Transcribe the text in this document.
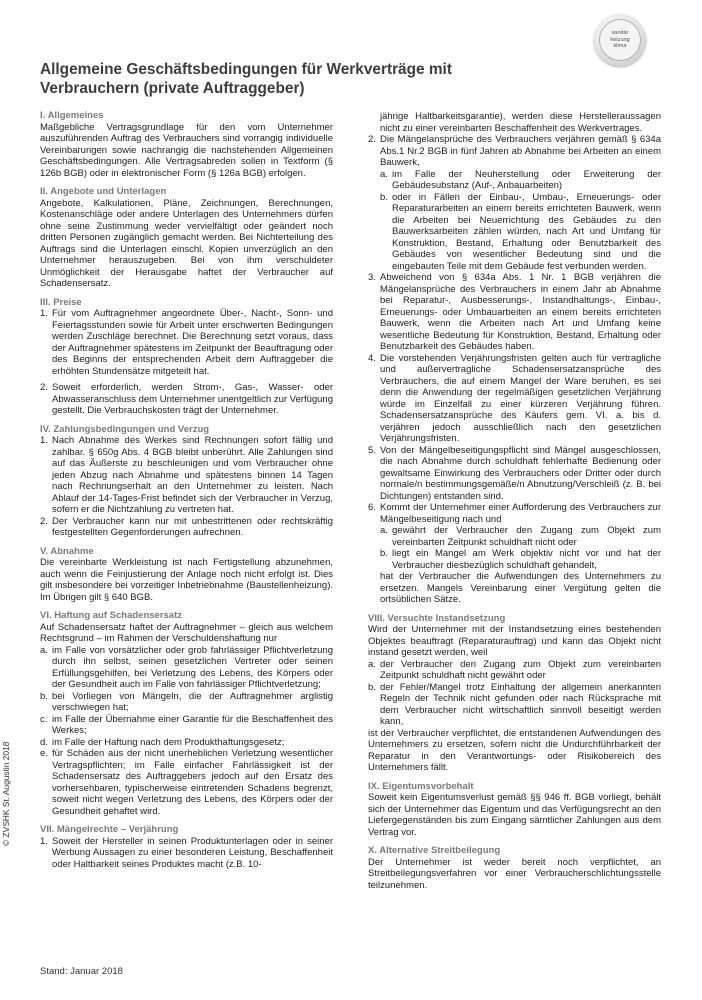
sanitär
heizung
klima
Allgemeine Geschäftsbedingungen für Werkverträge mit Verbrauchern (private Auftraggeber)
I. Allgemeines

Maßgebliche Vertragsgrundlage für den vom Unternehmer auszuführenden Auftrag des Verbrauchers sind vorrangig individuelle Vereinbarungen sowie nachrangig die nachstehenden Allgemeinen Geschäftsbedingungen. Alle Vertragsabreden sollen in Textform (§ 126b BGB) oder in elektronischer Form (§ 126a BGB) erfolgen.

II. Angebote und Unterlagen

Angebote, Kalkulationen, Pläne, Zeichnungen, Berechnungen, Kostenanschläge oder andere Unterlagen des Unternehmers dürfen ohne seine Zustimmung weder vervielfältigt oder geändert noch dritten Personen zugänglich gemacht werden. Bei Nichterteilung des Auftrags sind die Unterlagen einschl. Kopien unverzüglich an den Unternehmer herauszugeben. Bei von ihm verschuldeter Unmöglichkeit der Herausgabe haftet der Verbraucher auf Schadensersatz.

III. Preise
1. Für vom Auftragnehmer angeordnete Über-, Nacht-, Sonn- und Feiertagsstunden sowie für Arbeit unter erschwerten Bedingungen werden Zuschläge berechnet. Die Berechnung setzt voraus, dass der Auftragnehmer spätestens im Zeitpunkt der Beauftragung oder des Beginns der entsprechenden Arbeit dem Auftraggeber die erhöhten Stundensätze mitgeteilt hat.
2. Soweit erforderlich, werden Strom-, Gas-, Wasser- oder Abwasseranschluss dem Unternehmer unentgeltlich zur Verfügung gestellt. Die Verbrauchskosten trägt der Unternehmer.
IV. Zahlungsbedingungen und Verzug
1. Nach Abnahme des Werkes sind Rechnungen sofort fällig und zahlbar. § 650g Abs. 4 BGB bleibt unberührt. Alle Zahlungen sind auf das Äußerste zu beschleunigen und vom Verbraucher ohne jeden Abzug nach Abnahme und spätestens binnen 14 Tagen nach Rechnungserhalt an den Unternehmer zu leisten. Nach Ablauf der 14-Tages-Frist befindet sich der Verbraucher in Verzug, sofern er die Nichtzahlung zu vertreten hat.
2. Der Verbraucher kann nur mit unbestrittenen oder rechtskräftig festgestellten Gegenforderungen aufrechnen.
V. Abnahme

Die vereinbarte Werkleistung ist nach Fertigstellung abzunehmen, auch wenn die Feinjustierung der Anlage noch nicht erfolgt ist. Dies gilt insbesondere bei vorzeitiger Inbetriebnahme (Baustellenheizung). Im Übrigen gilt § 640 BGB.

VI. Haftung auf Schadensersatz

Auf Schadensersatz haftet der Auftragnehmer – gleich aus welchem Rechtsgrund – im Rahmen der Verschuldenshaftung nur

a. im Falle von vorsätzlicher oder grob fahrlässiger Pflichtverletzung durch ihn selbst, seinen gesetzlichen Vertreter oder seinen Erfüllungsgehilfen, bei Verletzung des Lebens, des Körpers oder der Gesundheit auch im Falle von fahrlässiger Pflichtverletzung;
b. bei Vorliegen von Mängeln, die der Auftragnehmer arglistig verschwiegen hat;
c. im Falle der Übernahme einer Garantie für die Beschaffenheit des Werkes;
d. im Falle der Haftung nach dem Produkthaftungsgesetz;
e. für Schäden aus der nicht unerheblichen Verletzung wesentlicher Vertragspflichten; im Falle einfacher Fahrlässigkeit ist der Schadensersatz des Auftraggebers jedoch auf den Ersatz des vorhersehbaren, typischerweise eintretenden Schadens begrenzt, soweit nicht wegen Verletzung des Lebens, des Körpers oder der Gesundheit gehaftet wird.
VII. Mängelrechte – Verjährung
1. Soweit der Hersteller in seinen Produktunterlagen oder in seiner Werbung Aussagen zu einer besonderen Leistung, Beschaffenheit oder Haltbarkeit seines Produktes macht (z.B. 10-

jährige Haltbarkeitsgarantie), werden diese Herstelleraussagen nicht zu einer vereinbarten Beschaffenheit des Werkvertrages.

2. Die Mängelansprüche des Verbrauchers verjähren gemäß § 634a Abs.1 Nr.2 BGB in fünf Jahren ab Abnahme bei Arbeiten an einem Bauwerk,
a. im Falle der Neuherstellung oder Erweiterung der Gebäudesubstanz (Auf-, Anbauarbeiten)
b. oder in Fällen der Einbau-, Umbau-, Erneuerungs- oder Reparaturarbeiten an einem bereits errichteten Bauwerk, wenn die Arbeiten bei Neuerrichtung des Gebäudes zu den Bauwerksarbeiten zählen würden, nach Art und Umfang für Konstruktion, Bestand, Erhaltung oder Benutzbarkeit des Gebäudes von wesentlicher Bedeutung sind und die eingebauten Teile mit dem Gebäude fest verbunden werden.
3. Abweichend von § 634a Abs. 1 Nr. 1 BGB verjähren die Mängelansprüche des Verbrauchers in einem Jahr ab Abnahme bei Reparatur-, Ausbesserungs-, Instandhaltungs-, Einbau-, Erneuerungs- oder Umbauarbeiten an einem bereits errichteten Bauwerk, wenn die Arbeiten nach Art und Umfang keine wesentliche Bedeutung für Konstruktion, Bestand, Erhaltung oder Benutzbarkeit des Gebäudes haben.
4. Die vorstehenden Verjährungsfristen gelten auch für vertragliche und außervertragliche Schadensersatzansprüche des Verbrauchers, die auf einem Mangel der Ware beruhen, es sei denn die Anwendung der regelmäßigen gesetzlichen Verjährung würde im Einzelfall zu einer kürzeren Verjährung führen. Schadensersatzansprüche des Käufers gem. VI. a. bis d. verjähren jedoch ausschließlich nach den gesetzlichen Verjährungsfristen.
5. Von der Mängelbeseitigungspflicht sind Mängel ausgeschlossen, die nach Abnahme durch schuldhaft fehlerhafte Bedienung oder gewaltsame Einwirkung des Verbrauchers oder Dritter oder durch normale/n bestimmungsgemäße/n Abnutzung/Verschleiß (z. B. bei Dichtungen) entstanden sind.
6. Kommt der Unternehmer einer Aufforderung des Verbrauchers zur Mängelbeseitigung nach und
a. gewährt der Verbraucher den Zugang zum Objekt zum vereinbarten Zeitpunkt schuldhaft nicht oder
b. liegt ein Mangel am Werk objektiv nicht vor und hat der Verbraucher diesbezüglich schuldhaft gehandelt,

hat der Verbraucher die Aufwendungen des Unternehmers zu ersetzen. Mangels Vereinbarung einer Vergütung gelten die ortsüblichen Sätze.

VIII. Versuchte Instandsetzung

Wird der Unternehmer mit der Instandsetzung eines bestehenden Objektes beauftragt (Reparaturauftrag) und kann das Objekt nicht instand gesetzt werden, weil

a. der Verbraucher den Zugang zum Objekt zum vereinbarten Zeitpunkt schuldhaft nicht gewährt oder
b. der Fehler/Mangel trotz Einhaltung der allgemein anerkannten Regeln der Technik nicht gefunden oder nach Rücksprache mit dem Verbraucher nicht wirtschaftlich sinnvoll beseitigt werden kann,

ist der Verbraucher verpflichtet, die entstandenen Aufwendungen des Unternehmers zu ersetzen, sofern nicht die Undurchführbarkeit der Reparatur in den Verantwortungs- oder Risikobereich des Unternehmers fällt.

IX. Eigentumsvorbehalt

Soweit kein Eigentumsverlust gemäß §§ 946 ff. BGB vorliegt, behält sich der Unternehmer das Eigentum und das Verfügungsrecht an den Liefergegenständen bis zum Eingang sämtlicher Zahlungen aus dem Vertrag vor.

X. Alternative Streitbeilegung

Der Unternehmer ist weder bereit noch verpflichtet, an Streitbeilegungsverfahren vor einer Verbraucherschlichtungsstelle teilzunehmen.

© ZVSHK St. Augustin 2018
Stand: Januar 2018
